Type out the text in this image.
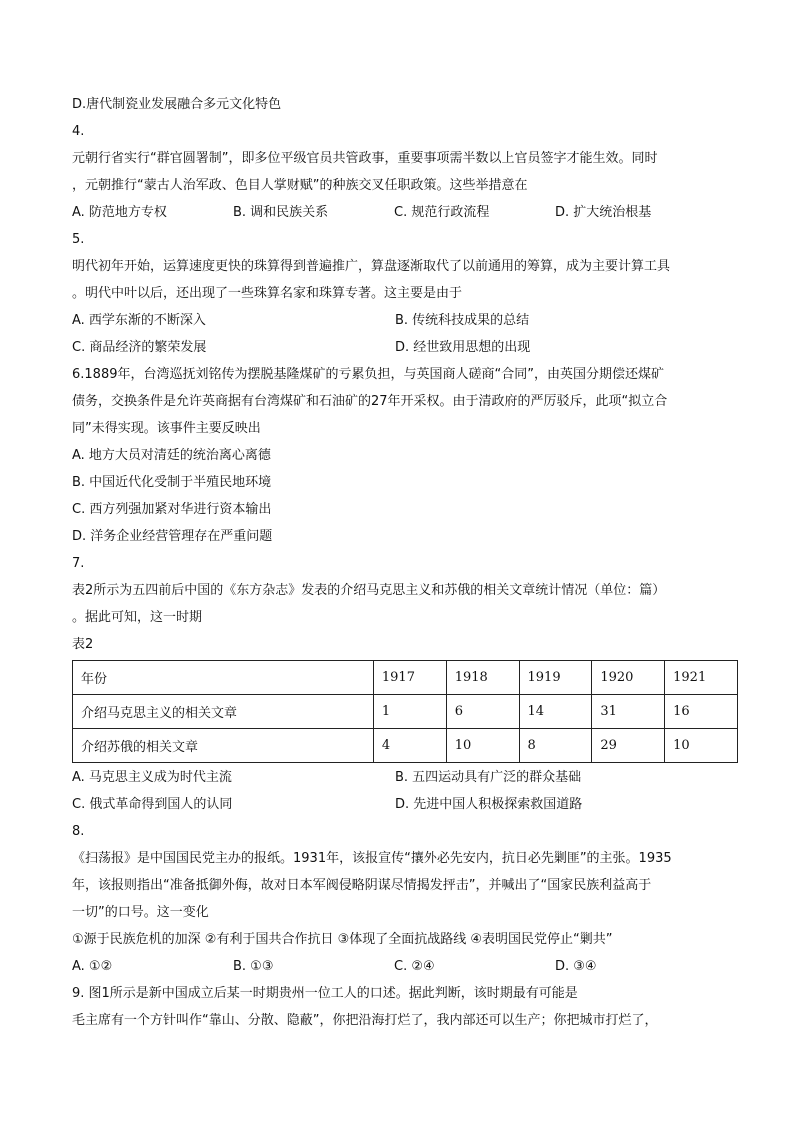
D.唐代制瓷业发展融合多元文化特色
4.
元朝行省实行“群官圆署制”，即多位平级官员共管政事，重要事项需半数以上官员签字才能生效。同时
，元朝推行“蒙古人治军政、色目人掌财赋”的种族交叉任职政策。这些举措意在
A. 防范地方专权	B. 调和民族关系	C. 规范行政流程	D. 扩大统治根基
5.
明代初年开始，运算速度更快的珠算得到普遍推广，算盘逐渐取代了以前通用的筹算，成为主要计算工具
。明代中叶以后，还出现了一些珠算名家和珠算专著。这主要是由于
A. 西学东渐的不断深入	B. 传统科技成果的总结
C. 商品经济的繁荣发展	D. 经世致用思想的出现
6.1889年，台湾巡抚刘铭传为摆脱基隆煤矿的亏累负担，与英国商人磋商“合同”，由英国分期偿还煤矿
债务，交换条件是允许英商据有台湾煤矿和石油矿的27年开采权。由于清政府的严厉驳斥，此项“拟立合
同”未得实现。该事件主要反映出
A. 地方大员对清廷的统治离心离德
B. 中国近代化受制于半殖民地环境
C. 西方列强加紧对华进行资本输出
D. 洋务企业经营管理存在严重问题
7.
表2所示为五四前后中国的《东方杂志》发表的介绍马克思主义和苏俄的相关文章统计情况（单位：篇）
。据此可知，这一时期
表2
年份	1917	1918	1919	1920	1921
介绍马克思主义的相关文章	1	6	14	31	16
介绍苏俄的相关文章	4	10	8	29	10
A. 马克思主义成为时代主流	B. 五四运动具有广泛的群众基础
C. 俄式革命得到国人的认同	D. 先进中国人积极探索救国道路
8.
《扫荡报》是中国国民党主办的报纸。1931年，该报宣传“攘外必先安内，抗日必先剿匪”的主张。1935
年，该报则指出“准备抵御外侮，故对日本军阀侵略阴谋尽情揭发抨击”，并喊出了“国家民族利益高于
一切”的口号。这一变化
①源于民族危机的加深 ②有利于国共合作抗日 ③体现了全面抗战路线 ④表明国民党停止“剿共”
A. ①②	B. ①③	C. ②④	D. ③④
9. 图1所示是新中国成立后某一时期贵州一位工人的口述。据此判断，该时期最有可能是
毛主席有一个方针叫作“靠山、分散、隐蔽”，你把沿海打烂了，我内部还可以生产；你把城市打烂了，
